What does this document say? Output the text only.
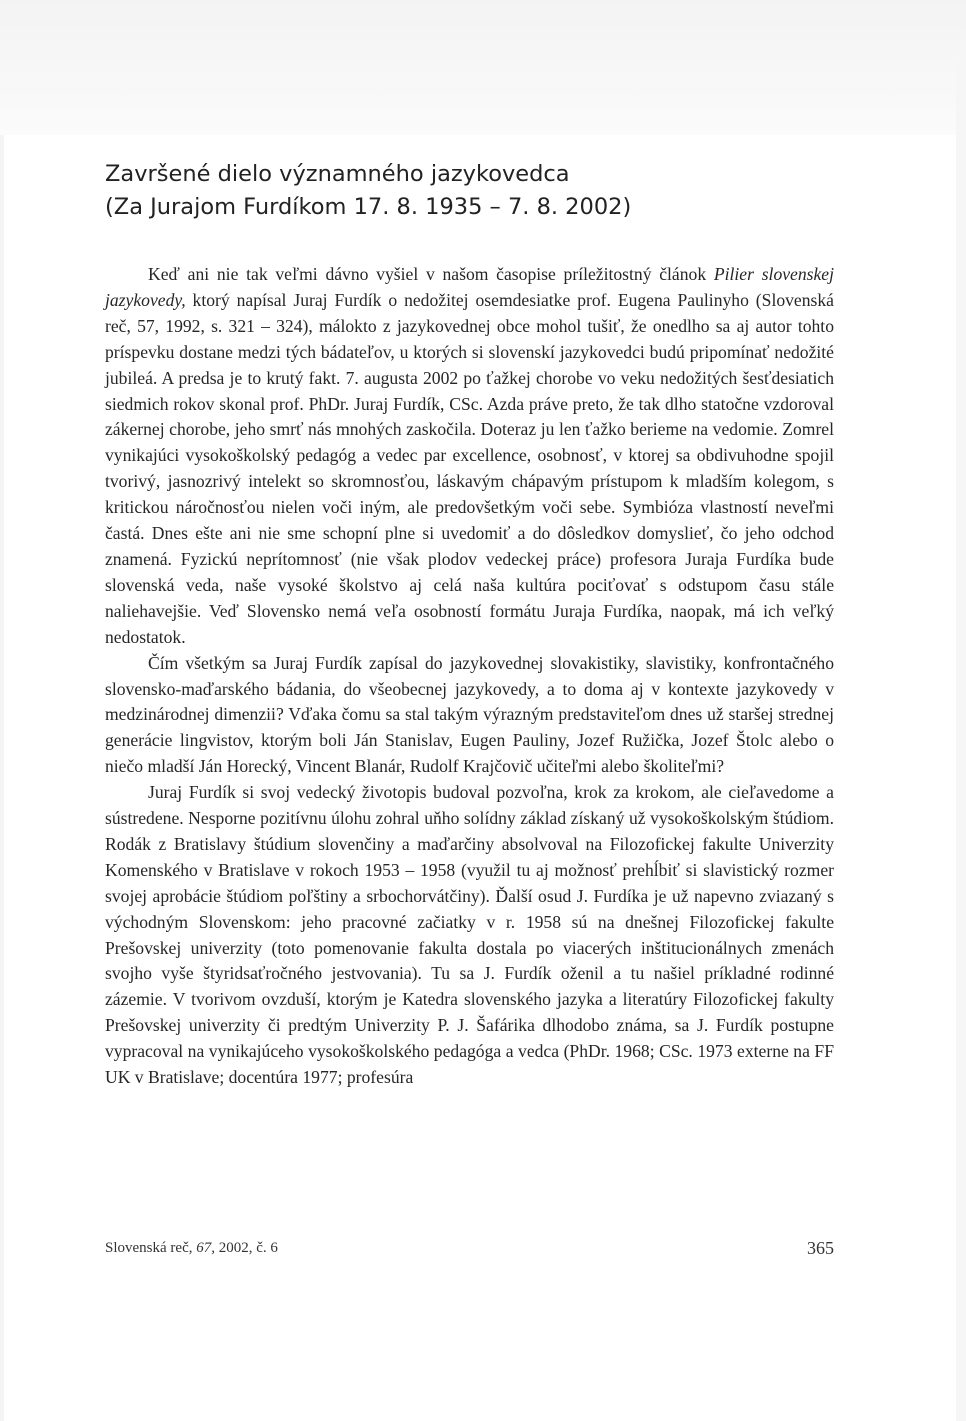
Završené dielo významného jazykovedca
(Za Jurajom Furdíkom 17. 8. 1935 – 7. 8. 2002)

Keď ani nie tak veľmi dávno vyšiel v našom časopise príležitostný článok Pilier slovenskej jazykovedy, ktorý napísal Juraj Furdík o nedožitej osemdesiatke prof. Eugena Paulinyho (Slovenská reč, 57, 1992, s. 321 – 324), málokto z jazykovednej obce mohol tušiť, že onedlho sa aj autor tohto príspevku dostane medzi tých bádateľov, u ktorých si slovenskí jazykovedci budú pripomínať nedožité jubileá. A predsa je to krutý fakt. 7. augusta 2002 po ťažkej chorobe vo veku nedožitých šesťdesiatich siedmich rokov skonal prof. PhDr. Juraj Furdík, CSc. Azda práve preto, že tak dlho statočne vzdoroval zákernej chorobe, jeho smrť nás mnohých zaskočila. Doteraz ju len ťažko berieme na vedomie. Zomrel vynikajúci vysokoškolský pedagóg a vedec par excellence, osobnosť, v ktorej sa obdivuhodne spojil tvorivý, jasnozrivý intelekt so skromnosťou, láskavým chápavým prístupom k mladším kolegom, s kritickou náročnosťou nielen voči iným, ale predovšetkým voči sebe. Symbióza vlastností neveľmi častá. Dnes ešte ani nie sme schopní plne si uvedomiť a do dôsledkov domyslieť, čo jeho odchod znamená. Fyzickú neprítomnosť (nie však plodov vedeckej práce) profesora Juraja Furdíka bude slovenská veda, naše vysoké školstvo aj celá naša kultúra pociťovať s odstupom času stále naliehavejšie. Veď Slovensko nemá veľa osobností formátu Juraja Furdíka, naopak, má ich veľký nedostatok.

Čím všetkým sa Juraj Furdík zapísal do jazykovednej slovakistiky, slavistiky, konfrontačného slovensko-maďarského bádania, do všeobecnej jazykovedy, a to doma aj v kontexte jazykovedy v medzinárodnej dimenzii? Vďaka čomu sa stal takým výrazným predstaviteľom dnes už staršej strednej generácie lingvistov, ktorým boli Ján Stanislav, Eugen Pauliny, Jozef Ružička, Jozef Štolc alebo o niečo mladší Ján Horecký, Vincent Blanár, Rudolf Krajčovič učiteľmi alebo školiteľmi?

Juraj Furdík si svoj vedecký životopis budoval pozvoľna, krok za krokom, ale cieľavedome a sústredene. Nesporne pozitívnu úlohu zohral uňho solídny základ získaný už vysokoškolským štúdiom. Rodák z Bratislavy štúdium slovenčiny a maďarčiny absolvoval na Filozofickej fakulte Univerzity Komenského v Bratislave v rokoch 1953 – 1958 (využil tu aj možnosť prehĺbiť si slavistický rozmer svojej aprobácie štúdiom poľštiny a srbochorvátčiny). Ďalší osud J. Furdíka je už napevno zviazaný s východným Slovenskom: jeho pracovné začiatky v r. 1958 sú na dnešnej Filozofickej fakulte Prešovskej univerzity (toto pomenovanie fakulta dostala po viacerých inštitucionálnych zmenách svojho vyše štyridsaťročného jestvovania). Tu sa J. Furdík oženil a tu našiel príkladné rodinné zázemie. V tvorivom ovzduší, ktorým je Katedra slovenského jazyka a literatúry Filozofickej fakulty Prešovskej univerzity či predtým Univerzity P. J. Šafárika dlhodobo známa, sa J. Furdík postupne vypracoval na vynikajúceho vysokoškolského pedagóga a vedca (PhDr. 1968; CSc. 1973 externe na FF UK v Bratislave; docentúra 1977; profesúra

Slovenská reč, 67, 2002, č. 6	365
